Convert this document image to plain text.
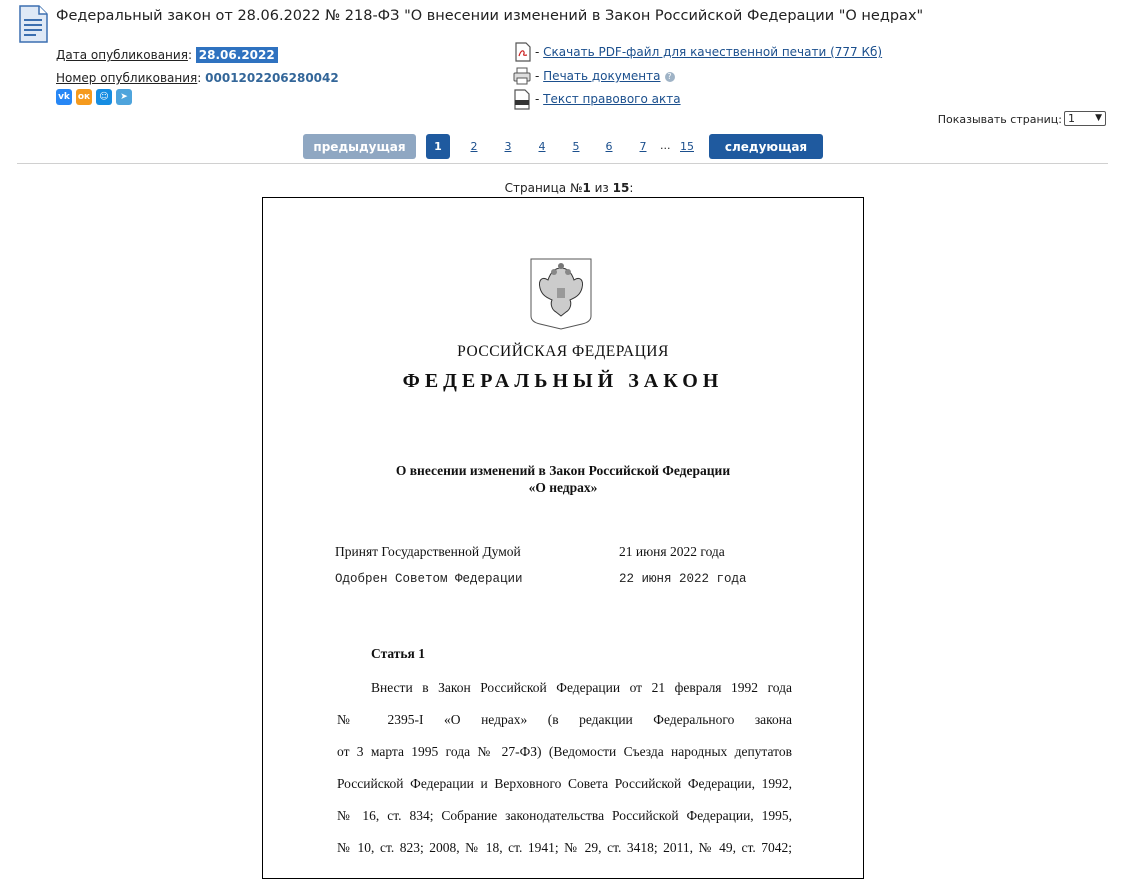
Федеральный закон от 28.06.2022 № 218-ФЗ "О внесении изменений в Закон Российской Федерации "О недрах"
Дата опубликования: 28.06.2022
Номер опубликования: 0001202206280042
vk ок	☺	➤
- Скачать PDF-файл для качественной печати (777 Кб)
- Печать документа ?
- Текст правового акта
Показывать страниц: 1 ▼
предыдущая	1	2	3	4	5	6	7	... 15	следующая
Страница №1 из 15:
РОССИЙСКАЯ ФЕДЕРАЦИЯ
ФЕДЕРАЛЬНЫЙ ЗАКОН
О внесении изменений в Закон Российской Федерации
«О недрах»
Принят Государственной Думой	21 июня 2022 года
Одобрен Советом Федерации	22 июня 2022 года
Статья 1
Внести в Закон Российской Федерации от 21 февраля 1992 года
№ 2395-I «О недрах» (в редакции Федерального закона
от 3 марта 1995 года № 27-ФЗ) (Ведомости Съезда народных депутатов
Российской Федерации и Верховного Совета Российской Федерации, 1992,
№ 16, ст. 834; Собрание законодательства Российской Федерации, 1995,
№ 10, ст. 823; 2008, № 18, ст. 1941; № 29, ст. 3418; 2011, № 49, ст. 7042;
